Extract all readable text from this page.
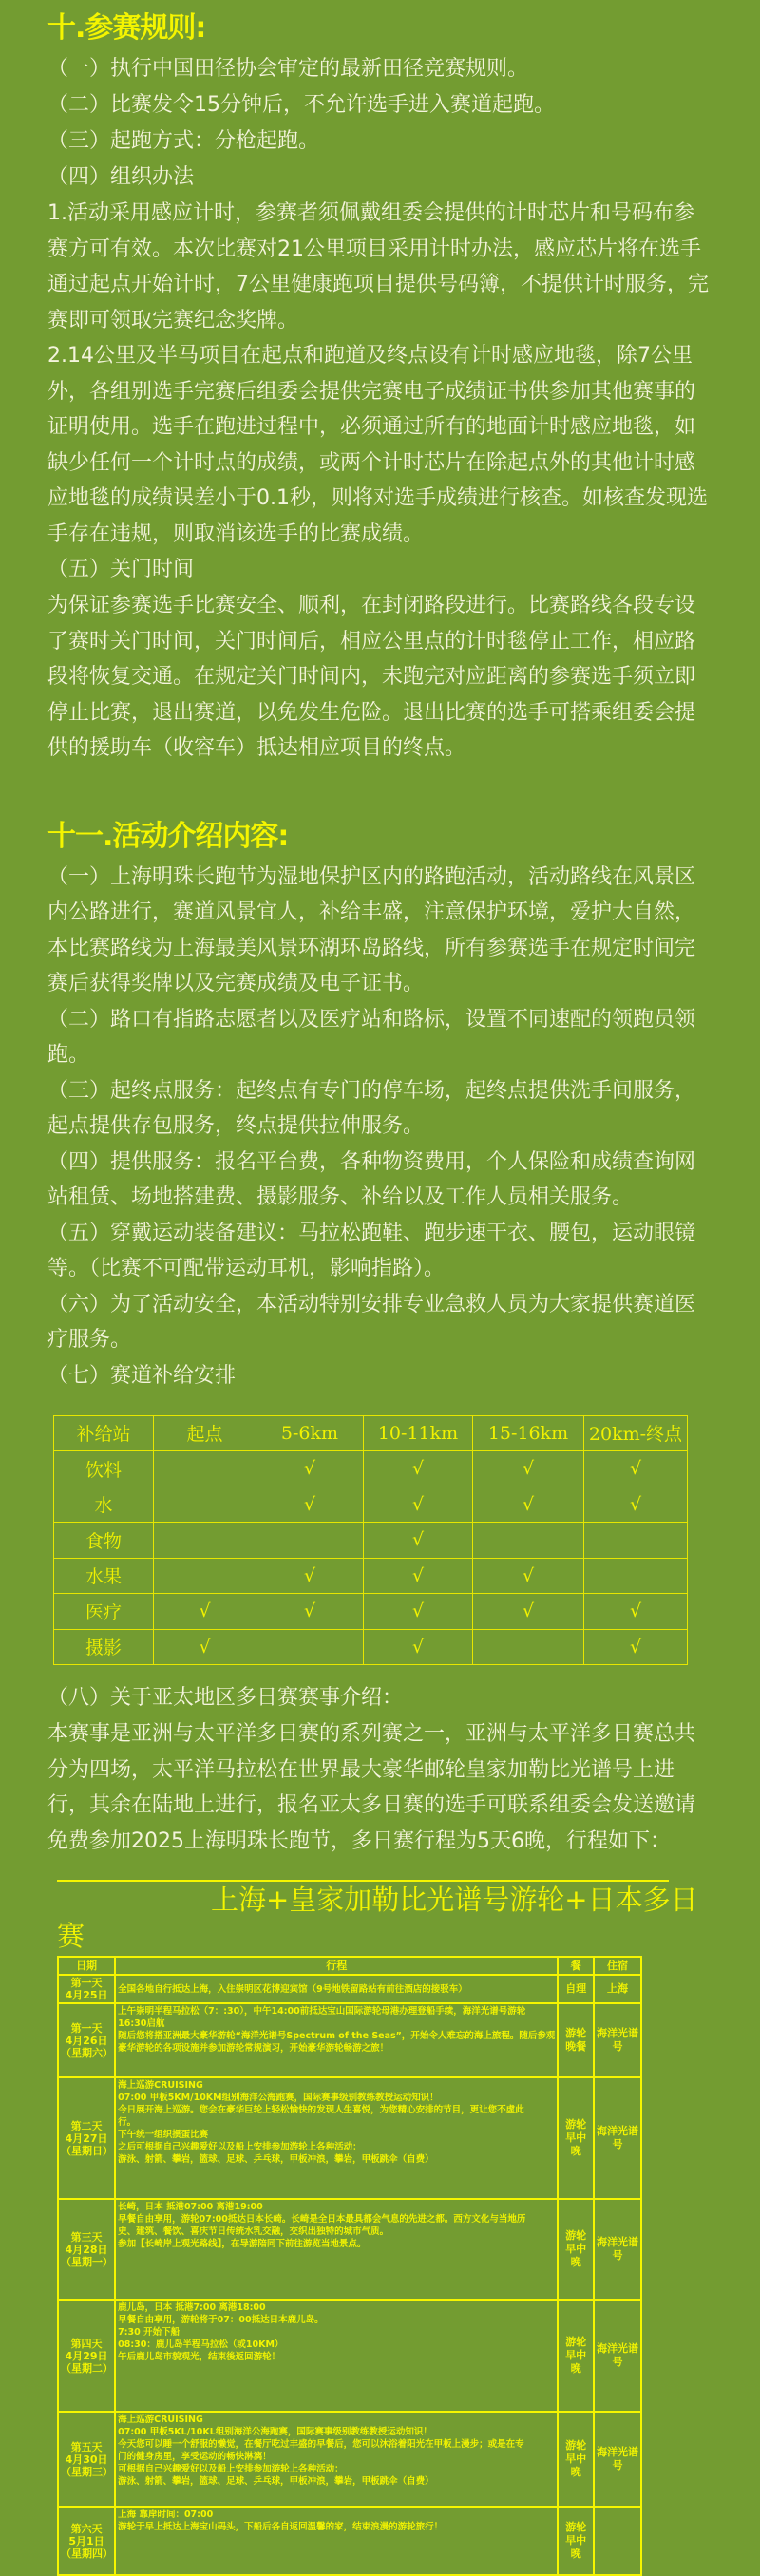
十.参赛规则:

（一）执行中国田径协会审定的最新田径竞赛规则。

（二）比赛发令15分钟后，不允许选手进入赛道起跑。

（三）起跑方式：分枪起跑。

（四）组织办法

1.活动采用感应计时，参赛者须佩戴组委会提供的计时芯片和号码布参赛方可有效。本次比赛对21公里项目采用计时办法，感应芯片将在选手通过起点开始计时，7公里健康跑项目提供号码簿，不提供计时服务，完赛即可领取完赛纪念奖牌。

2.14公里及半马项目在起点和跑道及终点设有计时感应地毯，除7公里外，各组别选手完赛后组委会提供完赛电子成绩证书供参加其他赛事的证明使用。选手在跑进过程中，必须通过所有的地面计时感应地毯，如缺少任何一个计时点的成绩，或两个计时芯片在除起点外的其他计时感应地毯的成绩误差小于0.1秒，则将对选手成绩进行核查。如核查发现选手存在违规，则取消该选手的比赛成绩。

（五）关门时间

为保证参赛选手比赛安全、顺利，在封闭路段进行。比赛路线各段专设了赛时关门时间，关门时间后，相应公里点的计时毯停止工作，相应路段将恢复交通。在规定关门时间内，未跑完对应距离的参赛选手须立即停止比赛，退出赛道，以免发生危险。退出比赛的选手可搭乘组委会提供的援助车（收容车）抵达相应项目的终点。

十一.活动介绍内容:

（一）上海明珠长跑节为湿地保护区内的路跑活动，活动路线在风景区内公路进行，赛道风景宜人，补给丰盛，注意保护环境，爱护大自然，本比赛路线为上海最美风景环湖环岛路线，所有参赛选手在规定时间完赛后获得奖牌以及完赛成绩及电子证书。

（二）路口有指路志愿者以及医疗站和路标，设置不同速配的领跑员领跑。

（三）起终点服务：起终点有专门的停车场，起终点提供洗手间服务，起点提供存包服务，终点提供拉伸服务。

（四）提供服务：报名平台费，各种物资费用，个人保险和成绩查询网站租赁、场地搭建费、摄影服务、补给以及工作人员相关服务。

（五）穿戴运动装备建议：马拉松跑鞋、跑步速干衣、腰包，运动眼镜等。（比赛不可配带运动耳机，影响指路）。

（六）为了活动安全，本活动特别安排专业急救人员为大家提供赛道医疗服务。

（七）赛道补给安排

补给站	起点	5-6km	10-11km	15-16km	20km-终点
饮料		√	√	√	√
水		√	√	√	√
食物			√		
水果		√	√	√	
医疗	√	√	√	√	√
摄影	√		√		√

（八）关于亚太地区多日赛赛事介绍：

本赛事是亚洲与太平洋多日赛的系列赛之一，亚洲与太平洋多日赛总共分为四场，太平洋马拉松在世界最大豪华邮轮皇家加勒比光谱号上进行，其余在陆地上进行，报名亚太多日赛的选手可联系组委会发送邀请免费参加2025上海明珠长跑节，多日赛行程为5天6晚，行程如下：

上海+皇家加勒比光谱号游轮+日本多日赛
日期	行程	餐	住宿

第一天
4月25日	全国各地自行抵达上海，入住崇明区花博迎宾馆（9号地铁留路站有前往酒店的接驳车）	自理	上海

第一天
4月26日
（星期六）

上午崇明半程马拉松（7：:30），中午14:00前抵达宝山国际游轮母港办理登船手续，海洋光谱号游轮
16:30启航
随后您将搭亚洲最大豪华游轮“海洋光谱号Spectrum of the Seas”，开始令人难忘的海上旅程。随后参观
豪华游轮的各项设施并参加游轮常规演习，开始豪华游轮畅游之旅！
	游轮晚餐	海洋光谱号

第二天
4月27日
（星期日）

海上巡游CRUISING
07:00 甲板5KM/10KM组别海洋公海跑赛，国际赛事级别教练教授运动知识！
今日展开海上巡游。您会在豪华巨轮上轻松愉快的发现人生喜悦，为您精心安排的节目，更让您不虚此
行。
下午统一组织掼蛋比赛
之后可根据自己兴趣爱好以及船上安排参加游轮上各种活动：
游泳、射箭、攀岩，篮球、足球、乒乓球，甲板冲浪，攀岩，甲板跳伞（自费）
	游轮早中晚	海洋光谱号

第三天
4月28日
（星期一）

长崎，日本 抵港07:00 离港19:00
早餐自由享用，游轮07:00抵达日本长崎。长崎是全日本最具都会气息的先进之都。西方文化与当地历
史、建筑、餐饮、喜庆节日传统水乳交融，交织出独特的城市气质。
参加【长崎岸上观光路线】，在导游陪同下前往游览当地景点。
	游轮早中晚	海洋光谱号

第四天
4月29日
（星期二）

鹿儿岛，日本 抵港7:00 离港18:00
早餐自由享用，游轮将于07：00抵达日本鹿儿岛。
7:30 开始下船
08:30：鹿儿岛半程马拉松（或10KM）
午后鹿儿岛市貌观光，结束後返回游轮！
	游轮早中晚	海洋光谱号

第五天
4月30日
（星期三）

海上巡游CRUISING
07:00 甲板5KL/10KL组别海洋公海跑赛，国际赛事级别教练教授运动知识！
今天您可以睡一个舒服的懒觉，在餐厅吃过丰盛的早餐后，您可以沐浴着阳光在甲板上漫步；或是在专
门的健身房里，享受运动的畅快淋漓！
可根据自己兴趣爱好以及船上安排参加游轮上各种活动：
游泳、射箭、攀岩，篮球、足球、乒乓球，甲板冲浪，攀岩，甲板跳伞（自费）
	游轮早中晚	海洋光谱号

第六天
5月1日
（星期四）

上海 靠岸时间：07:00
游轮于早上抵达上海宝山码头，下船后各自返回温馨的家，结束浪漫的游轮旅行！	游轮早中晚	
